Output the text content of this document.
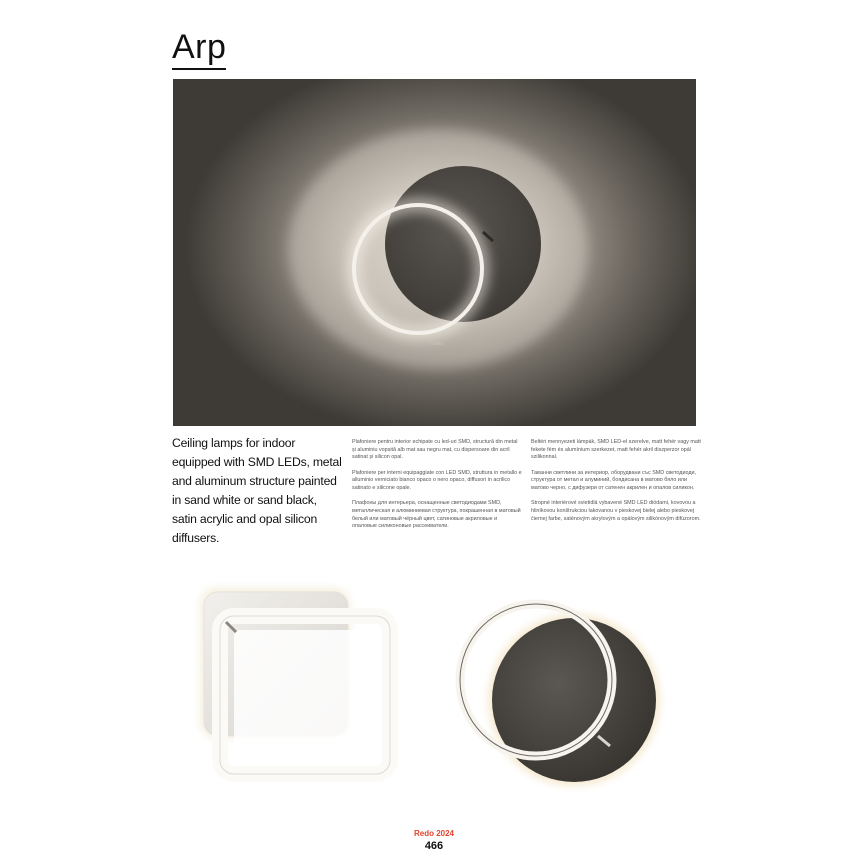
Arp
IT.SMD
Ceiling lamps for indoor equipped with SMD LEDs, metal and aluminum structure painted in sand white or sand black, satin acrylic and opal silicon diffusers.

Plafoniere pentru interior echipate cu led-uri SMD, structură din metal și aluminiu vopsită alb mat sau negru mat, cu dispersoare din acril satinat și silicon opal.

Plafoniere per interni equipaggiate con LED SMD, struttura in metallo e alluminio verniciato bianco opaco o nero opaco, diffusori in acrilico satinato e silicone opale.

Плафоны для интерьера, оснащенные светодиодами SMD, металлическая и алюминиевая структура, покрашенная в матовый белый или матовый чёрный цвет, сатиновые акриловые и опаловые силиконовые рассеиватели.

Beltéri mennyezeti lámpák, SMD LED-el szerelve, matt fehér vagy matt fekete fém és alumínium szerkezet, matt fehér akril diszperzor opál szilikonnal.

Таванни светлини за интериор, оборудвани със SMD светодиоди, структура от метал и алуминий, боядисана в матово бяло или матово черно, с дифузери от сатенен акрилен и опалов силикон.

Stropné interiérové svietidlá vybavené SMD LED diódami, kovovou a hliníkovou konštrukciou lakovanou v pieskovej bielej alebo pieskovej čiernej farbe, saténovým akrylovým a opálovým silikónovým difúzorom.

Redo 2024
466
